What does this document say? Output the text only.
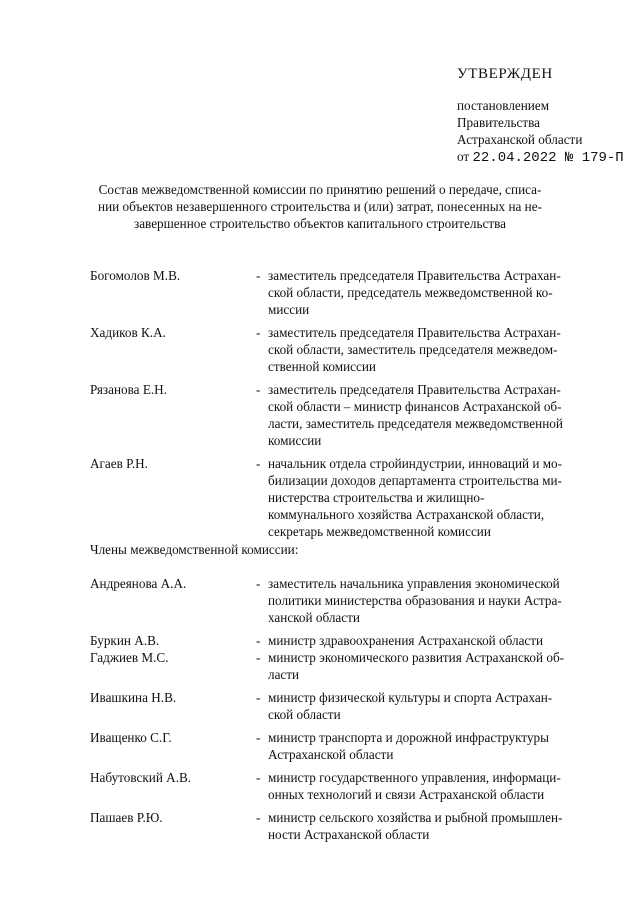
УТВЕРЖДЕН
постановлением
Правительства
Астраханской области
от 22.04.2022 № 179-П
Состав межведомственной комиссии по принятию решений о передаче, списа-
нии объектов незавершенного строительства и (или) затрат, понесенных на не-
завершенное строительство объектов капитального строительства
Богомолов М.В.	- заместитель председателя Правительства Астрахан-
ской области, председатель межведомственной ко-
миссии
Хадиков К.А.	- заместитель председателя Правительства Астрахан-
ской области, заместитель председателя межведом-
ственной комиссии
Рязанова Е.Н.	- заместитель председателя Правительства Астрахан-
ской области – министр финансов Астраханской об-
ласти, заместитель председателя межведомственной
комиссии
Агаев Р.Н.	- начальник отдела стройиндустрии, инноваций и мо-
билизации доходов департамента строительства ми-
нистерства строительства и жилищно-
коммунального хозяйства Астраханской области,
секретарь межведомственной комиссии
Члены межведомственной комиссии:
Андреянова А.А.	- заместитель начальника управления экономической
политики министерства образования и науки Астра-
ханской области
Буркин А.В.	- министр здравоохранения Астраханской области
Гаджиев М.С.	- министр экономического развития Астраханской об-
ласти
Ивашкина Н.В.	- министр физической культуры и спорта Астрахан-
ской области
Иващенко С.Г.	- министр транспорта и дорожной инфраструктуры
Астраханской области
Набутовский А.В.	- министр государственного управления, информаци-
онных технологий и связи Астраханской области
Пашаев Р.Ю.	- министр сельского хозяйства и рыбной промышлен-
ности Астраханской области
